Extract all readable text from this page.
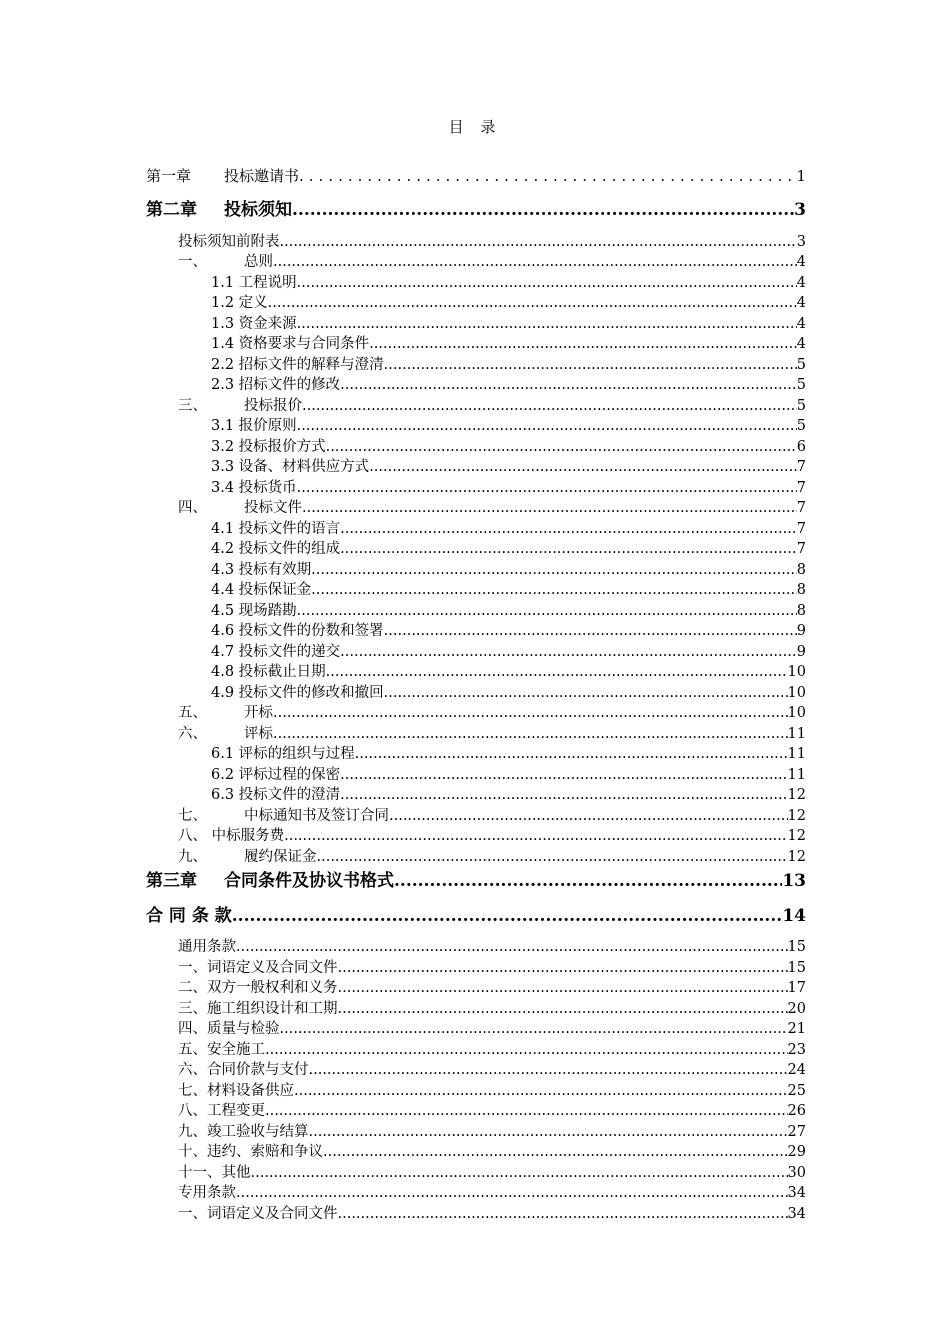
目 录
第一章 投标邀请书 .....	1
第二章 投标须知 .....	3
投标须知前附表 .....	3
一、	总则 .....	4
1.1 工程说明 .....	4
1.2 定义 .....	4
1.3 资金来源 .....	4
1.4 资格要求与合同条件 .....	4
2.2 招标文件的解释与澄清 .....	5
2.3 招标文件的修改 .....	5
三、	投标报价 .....	5
3.1 报价原则 .....	5
3.2 投标报价方式 .....	6
3.3 设备、材料供应方式 .....	7
3.4 投标货币 .....	7
四、	投标文件 .....	7
4.1 投标文件的语言 .....	7
4.2 投标文件的组成 .....	7
4.3 投标有效期 .....	8
4.4 投标保证金 .....	8
4.5 现场踏勘 .....	8
4.6 投标文件的份数和签署 .....	9
4.7 投标文件的递交 .....	9
4.8 投标截止日期 .....	10
4.9 投标文件的修改和撤回 .....	10
五、	开标 .....	10
六、	评标 .....	11
6.1 评标的组织与过程 .....	11
6.2 评标过程的保密 .....	11
6.3 投标文件的澄清 .....	12
七、	中标通知书及签订合同 .....	12
八、 中标服务费 .....	12
九、	履约保证金 .....	12
第三章 合同条件及协议书格式 .....	13
合 同 条 款 .....	14
通用条款 .....	15
一、词语定义及合同文件 .....	15
二、双方一般权利和义务 .....	17
三、施工组织设计和工期 .....	20
四、质量与检验 .....	21
五、安全施工 .....	23
六、合同价款与支付 .....	24
七、材料设备供应 .....	25
八、工程变更 .....	26
九、竣工验收与结算 .....	27
十、违约、索赔和争议 .....	29
十一、其他 .....	30
专用条款 .....	34
一、词语定义及合同文件 .....	34
